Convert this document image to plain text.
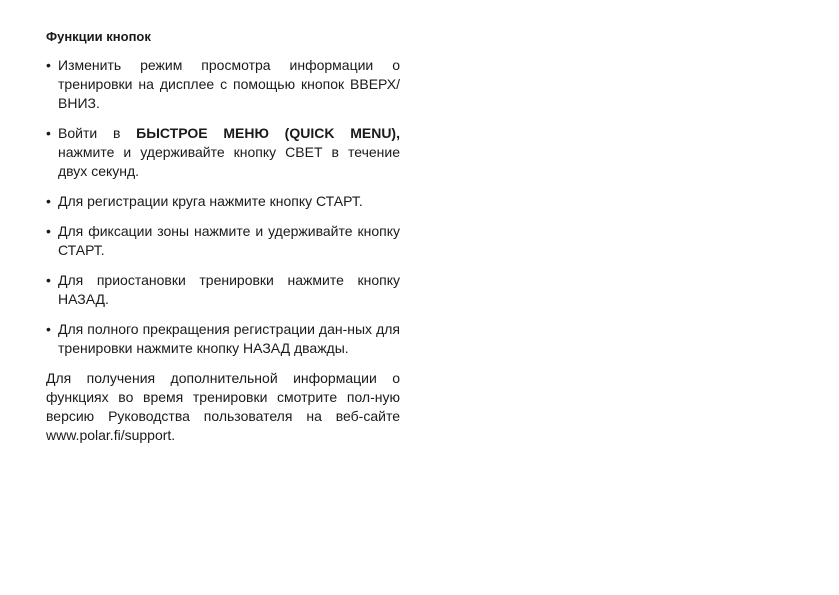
Функции кнопок
• Изменить режим просмотра информации о тренировки на дисплее с помощью кнопок ВВЕРХ/ВНИЗ.
• Войти в БЫСТРОЕ МЕНЮ (QUICK MENU), нажмите и удерживайте кнопку СВЕТ в течение двух секунд.
• Для регистрации круга нажмите кнопку СТАРТ.
• Для фиксации зоны нажмите и удерживайте кнопку СТАРТ.
• Для приостановки тренировки нажмите кнопку НАЗАД.
• Для полного прекращения регистрации дан-ных для тренировки нажмите кнопку НАЗАД дважды.

Для получения дополнительной информации о функциях во время тренировки смотрите пол-ную версию Руководства пользователя на веб-сайте www.polar.fi/support.
